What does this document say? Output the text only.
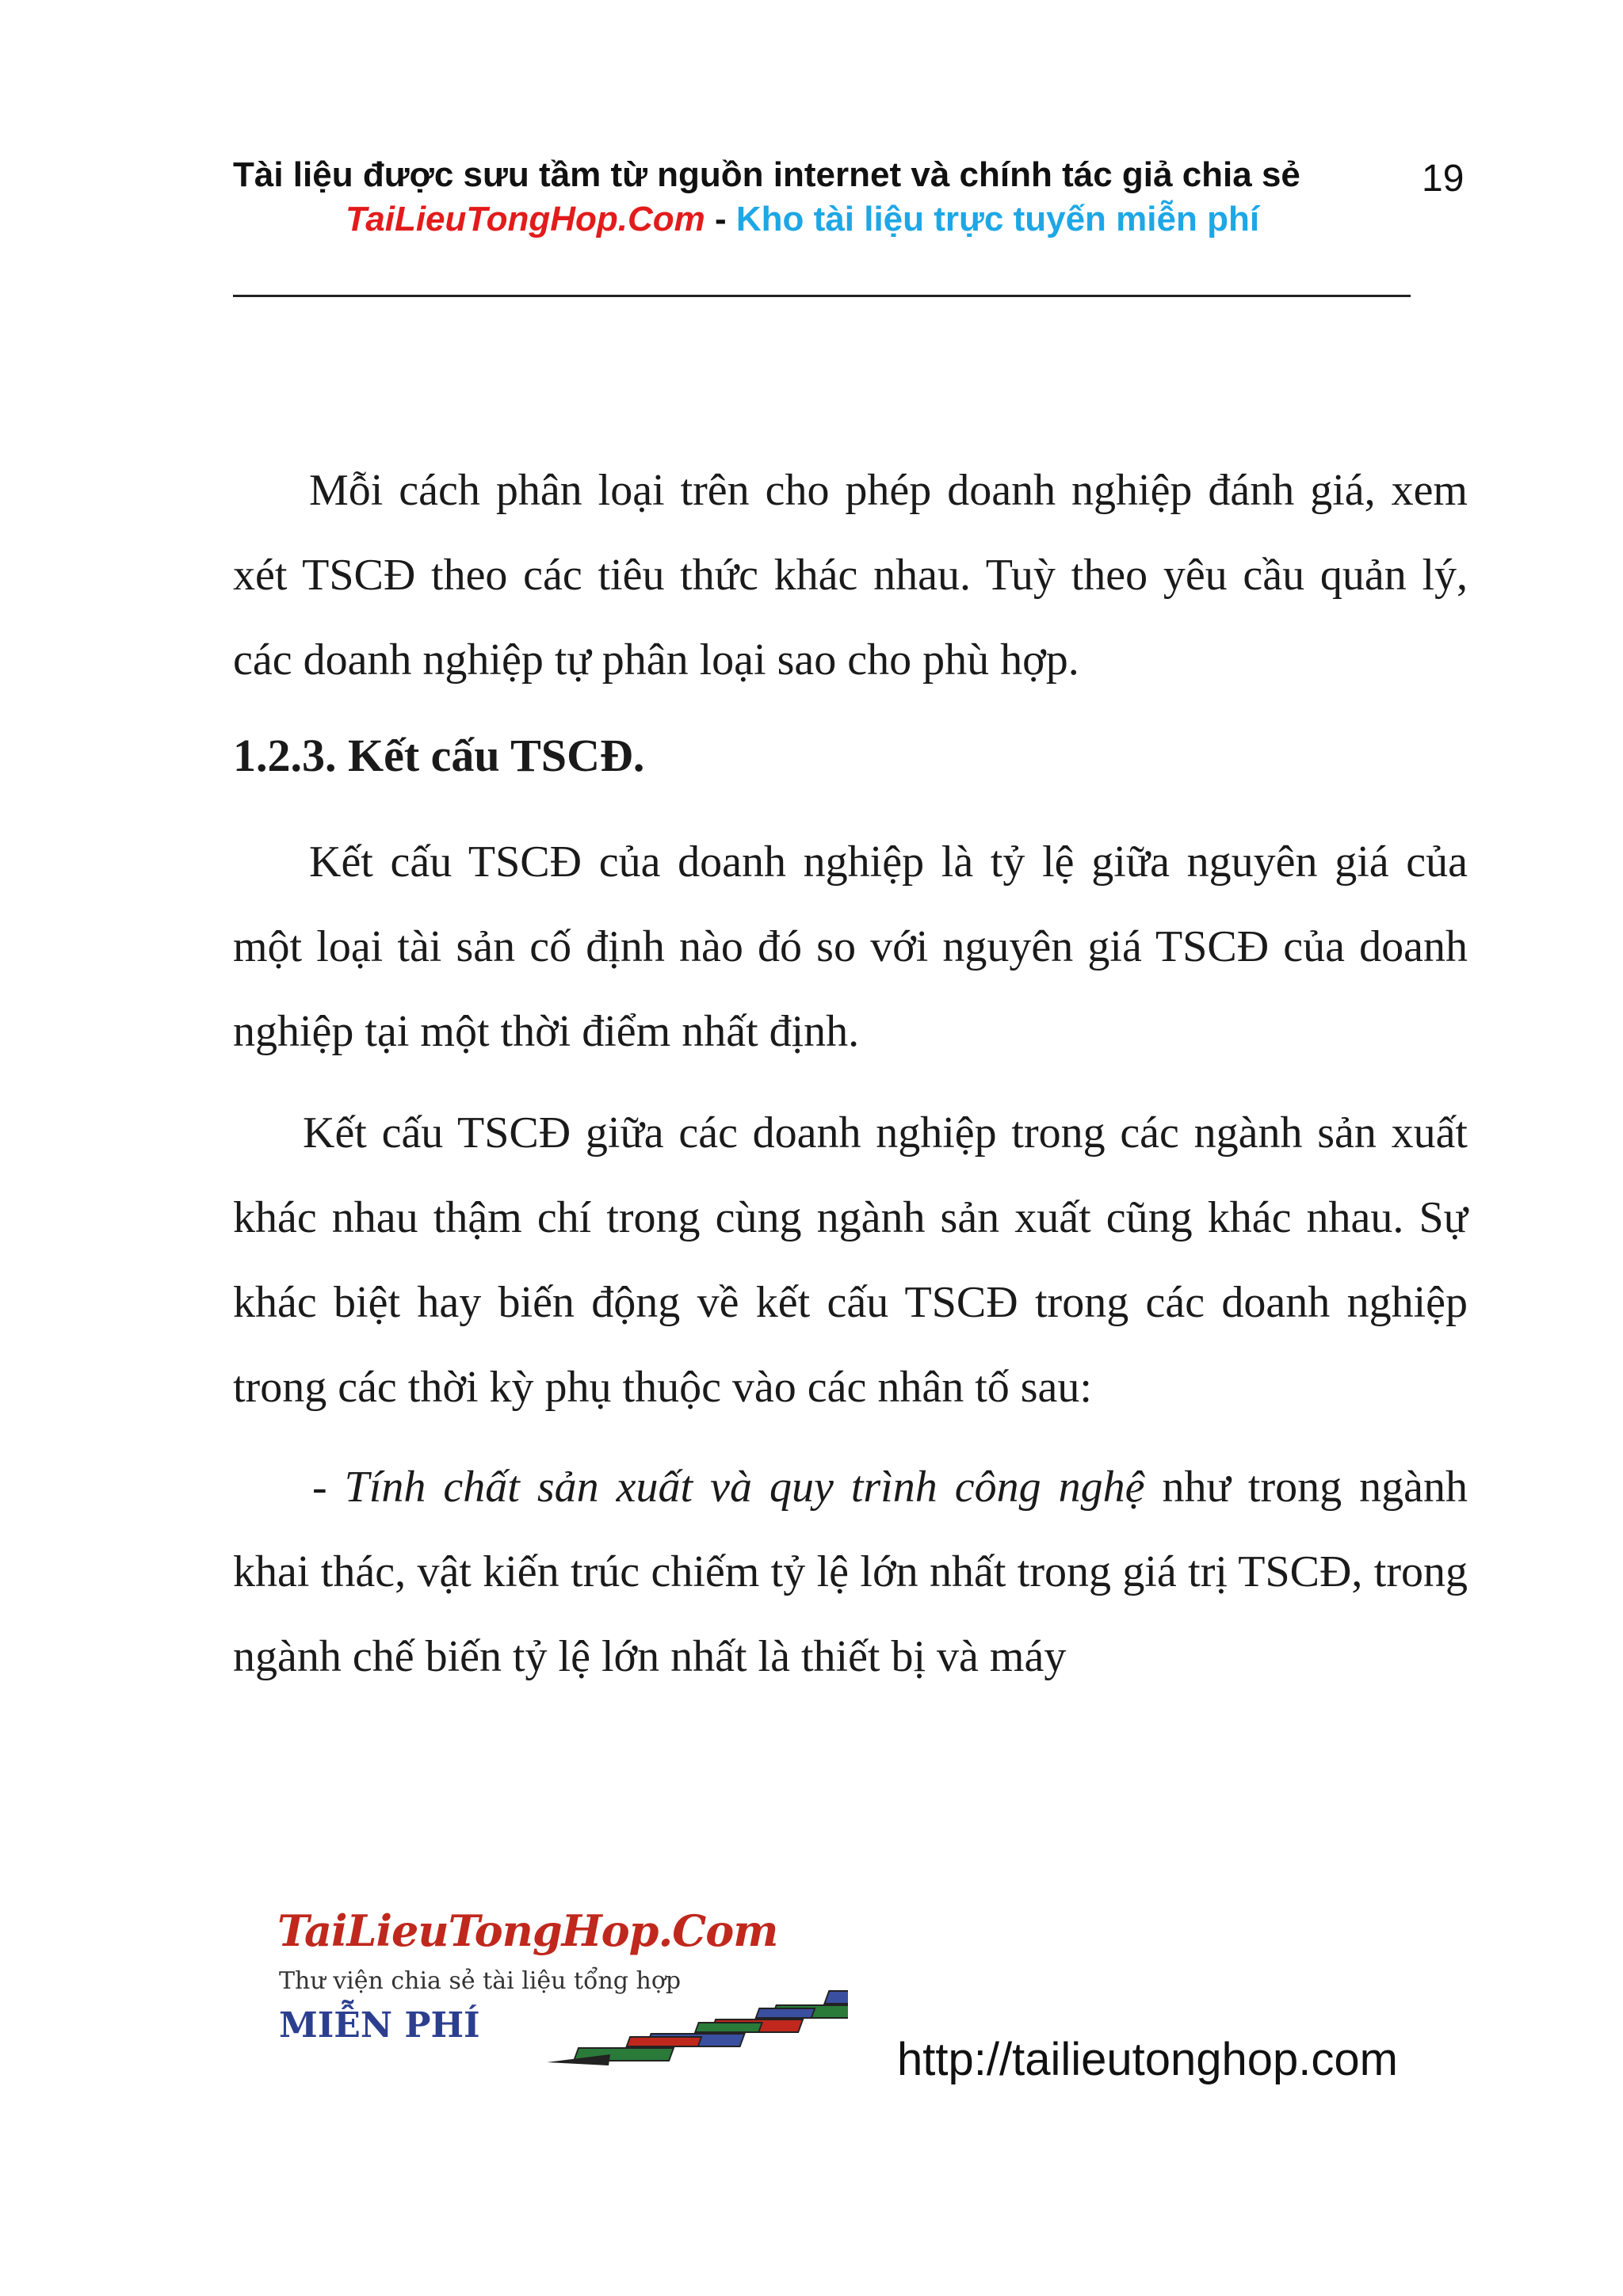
Tài liệu được sưu tầm từ nguồn internet và chính tác giả chia sẻ	19
TaiLieuTongHop.Com - Kho tài liệu trực tuyến miễn phí
Mỗi cách phân loại trên cho phép doanh nghiệp đánh giá, xem xét TSCĐ theo các tiêu thức khác nhau. Tuỳ theo yêu cầu quản lý, các doanh nghiệp tự phân loại sao cho phù hợp.
1.2.3. Kết cấu TSCĐ.
Kết cấu TSCĐ của doanh nghiệp là tỷ lệ giữa nguyên giá của một loại tài sản cố định nào đó so với nguyên giá TSCĐ của doanh nghiệp tại một thời điểm nhất định.
Kết cấu TSCĐ giữa các doanh nghiệp trong các ngành sản xuất khác nhau thậm chí trong cùng ngành sản xuất cũng khác nhau. Sự khác biệt hay biến động về kết cấu TSCĐ trong các doanh nghiệp trong các thời kỳ phụ thuộc vào các nhân tố sau:
- Tính chất sản xuất và quy trình công nghệ như trong ngành khai thác, vật kiến trúc chiếm tỷ lệ lớn nhất trong giá trị TSCĐ, trong ngành chế biến tỷ lệ lớn nhất là thiết bị và máy
TaiLieuTongHop.Com
Thư viện chia sẻ tài liệu tổng hợp
MIỄN PHÍ
http://tailieutonghop.com
